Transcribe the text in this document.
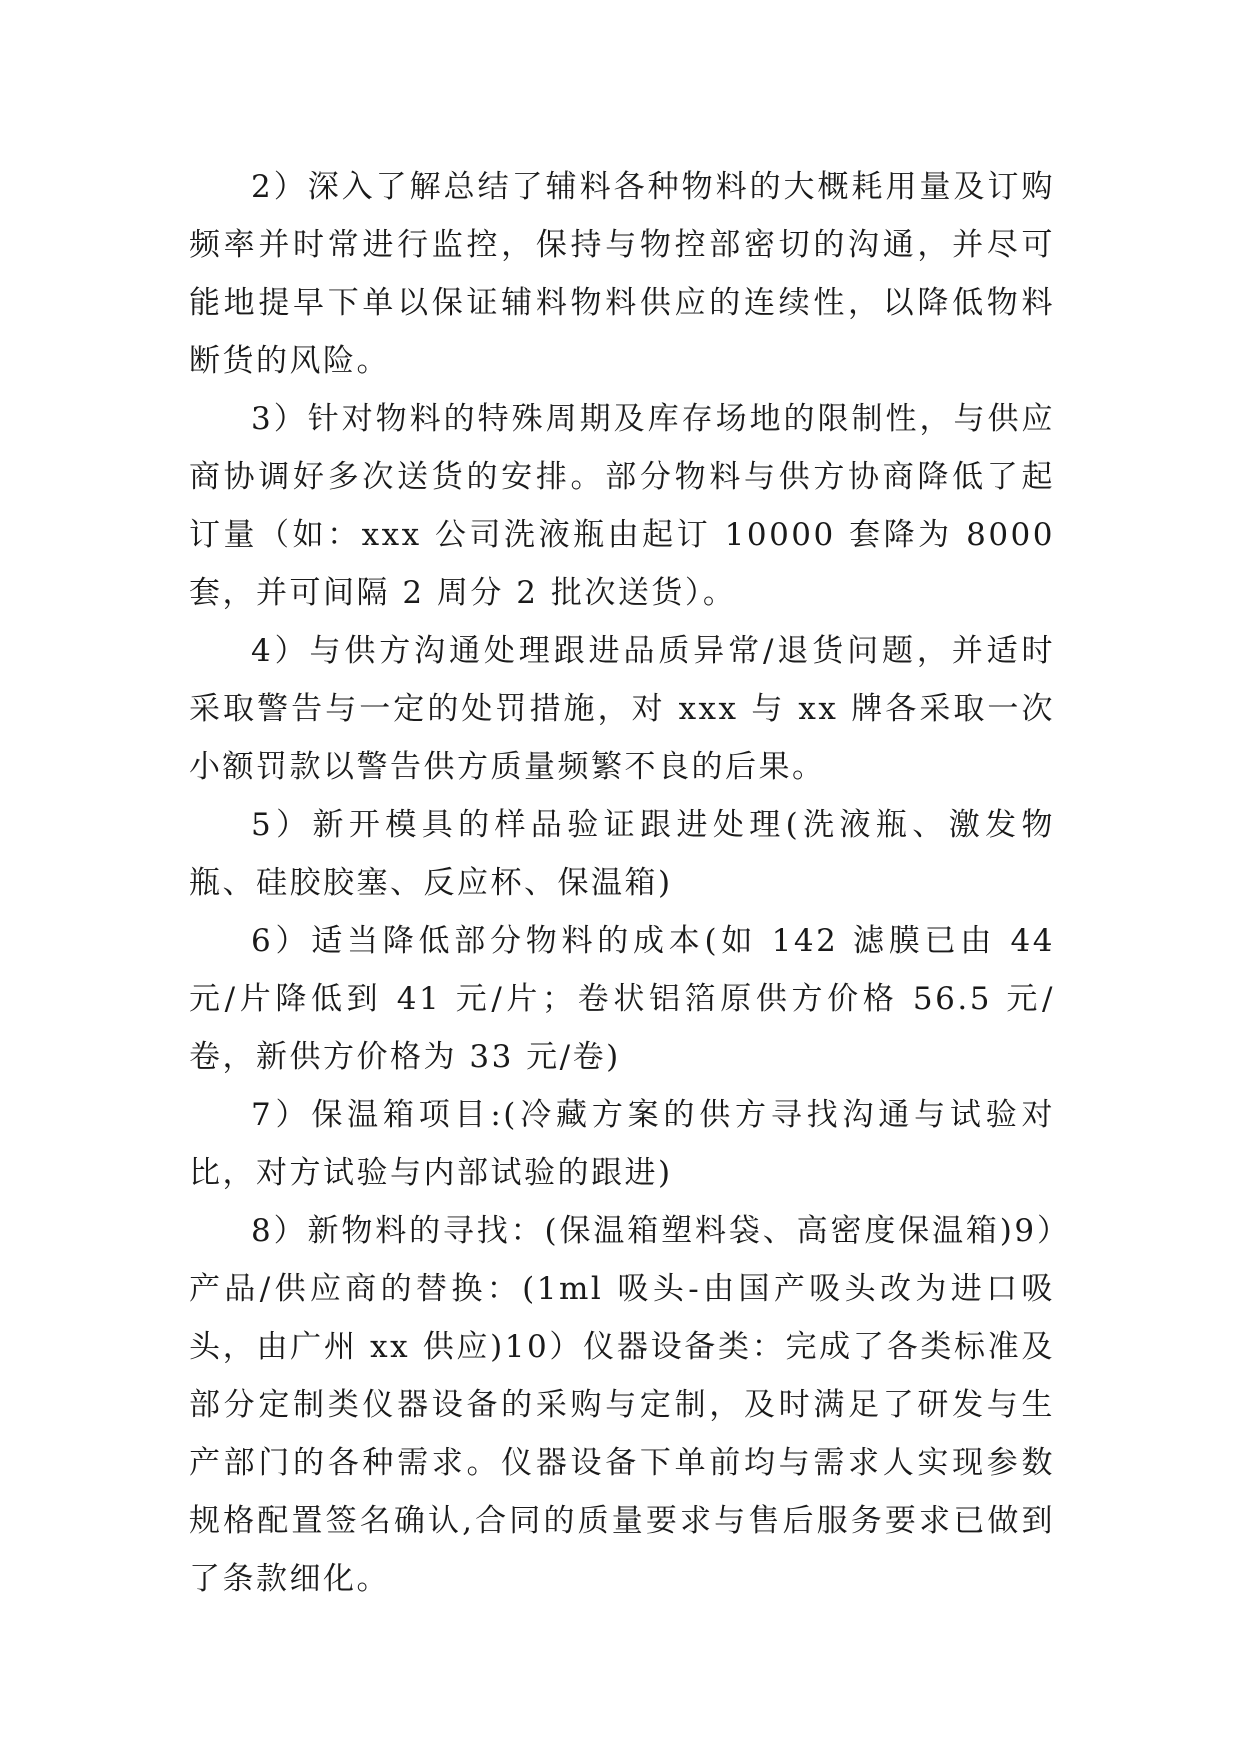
2）深入了解总结了辅料各种物料的大概耗用量及订购频率并时常进行监控，保持与物控部密切的沟通，并尽可能地提早下单以保证辅料物料供应的连续性，以降低物料断货的风险。

3）针对物料的特殊周期及库存场地的限制性，与供应商协调好多次送货的安排。部分物料与供方协商降低了起订量（如：xxx 公司洗液瓶由起订 10000 套降为 8000 套，并可间隔 2 周分 2 批次送货）。

4）与供方沟通处理跟进品质异常/退货问题，并适时采取警告与一定的处罚措施，对 xxx 与 xx 牌各采取一次小额罚款以警告供方质量频繁不良的后果。

5）新开模具的样品验证跟进处理(洗液瓶、激发物瓶、硅胶胶塞、反应杯、保温箱)

6）适当降低部分物料的成本(如 142 滤膜已由 44 元/片降低到 41 元/片；卷状铝箔原供方价格 56.5 元/卷，新供方价格为 33 元/卷)

7）保温箱项目:(冷藏方案的供方寻找沟通与试验对比，对方试验与内部试验的跟进)

8）新物料的寻找：(保温箱塑料袋、高密度保温箱)9）产品/供应商的替换：(1ml 吸头-由国产吸头改为进口吸头，由广州 xx 供应)10）仪器设备类：完成了各类标准及部分定制类仪器设备的采购与定制，及时满足了研发与生产部门的各种需求。仪器设备下单前均与需求人实现参数规格配置签名确认,合同的质量要求与售后服务要求已做到了条款细化。
